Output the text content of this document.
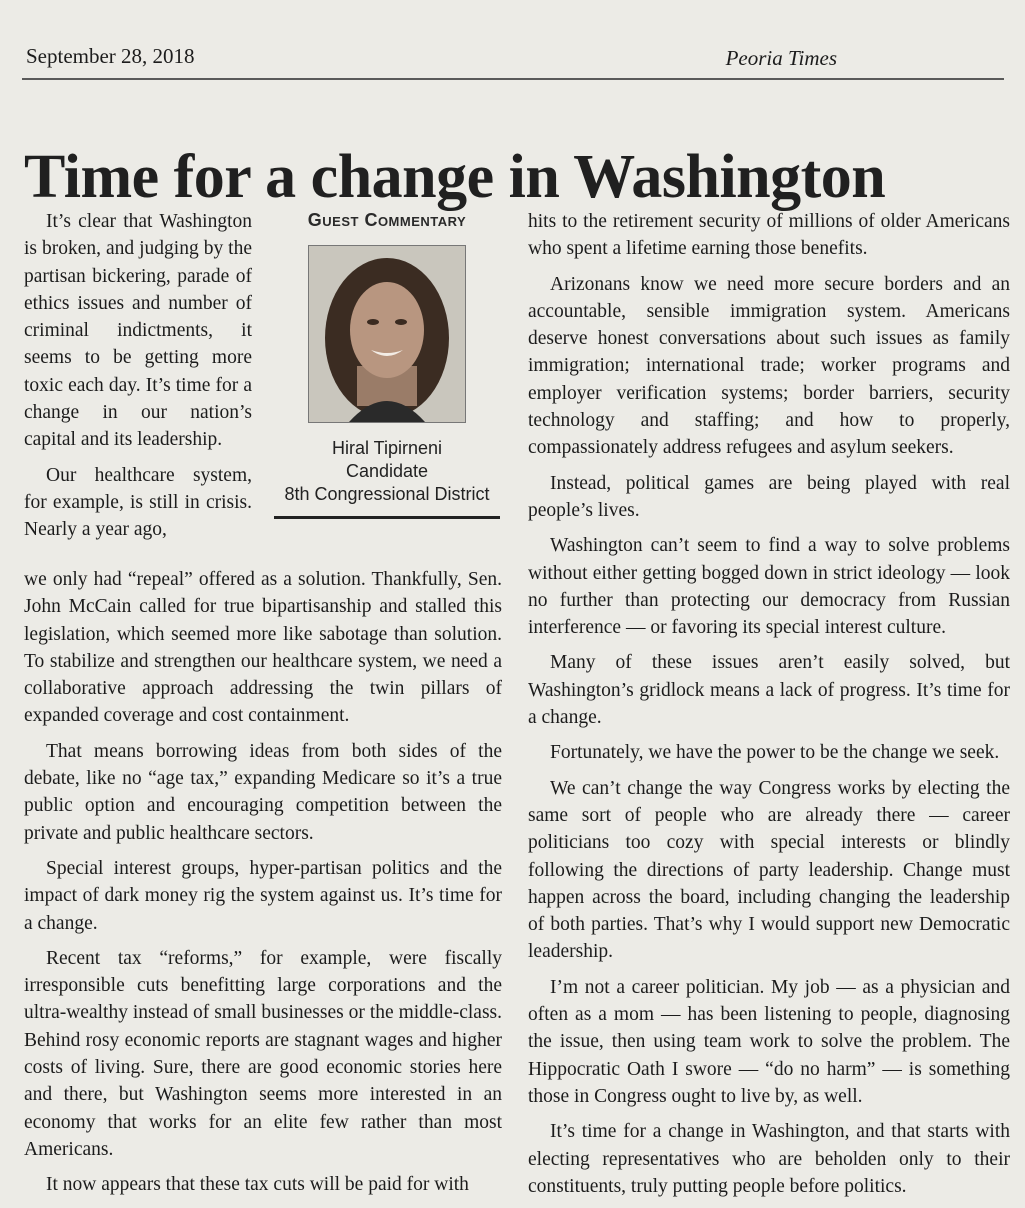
September 28, 2018	Peoria Times
Time for a change in Washington

It’s clear that Washington is broken, and judging by the partisan bickering, parade of ethics issues and number of criminal indictments, it seems to be getting more toxic each day. It’s time for a change in our nation’s capital and its leadership.

Our healthcare system, for example, is still in crisis. Nearly a year ago,

Guest Commentary
Hiral Tipirneni
Candidate
8th Congressional District

we only had “repeal” offered as a solution. Thankfully, Sen. John McCain called for true bipartisanship and stalled this legislation, which seemed more like sabotage than solution. To stabilize and strengthen our healthcare system, we need a collaborative approach addressing the twin pillars of expanded coverage and cost containment.

That means borrowing ideas from both sides of the debate, like no “age tax,” expanding Medicare so it’s a true public option and encouraging competition between the private and public healthcare sectors.

Special interest groups, hyper-partisan politics and the impact of dark money rig the system against us. It’s time for a change.

Recent tax “reforms,” for example, were fiscally irresponsible cuts benefitting large corporations and the ultra-wealthy instead of small businesses or the middle-class. Behind rosy economic reports are stagnant wages and higher costs of living. Sure, there are good economic stories here and there, but Washington seems more interested in an economy that works for an elite few rather than most Americans.

It now appears that these tax cuts will be paid for with

hits to the retirement security of millions of older Americans who spent a lifetime earning those benefits.

Arizonans know we need more secure borders and an accountable, sensible immigration system. Americans deserve honest conversations about such issues as family immigration; international trade; worker programs and employer verification systems; border barriers, security technology and staffing; and how to properly, compassionately address refugees and asylum seekers.

Instead, political games are being played with real people’s lives.

Washington can’t seem to find a way to solve problems without either getting bogged down in strict ideology — look no further than protecting our democracy from Russian interference — or favoring its special interest culture.

Many of these issues aren’t easily solved, but Washington’s gridlock means a lack of progress. It’s time for a change.

Fortunately, we have the power to be the change we seek.

We can’t change the way Congress works by electing the same sort of people who are already there — career politicians too cozy with special interests or blindly following the directions of party leadership. Change must happen across the board, including changing the leadership of both parties. That’s why I would support new Democratic leadership.

I’m not a career politician. My job — as a physician and often as a mom — has been listening to people, diagnosing the issue, then using team work to solve the problem. The Hippocratic Oath I swore — “do no harm” — is something those in Congress ought to live by, as well.

It’s time for a change in Washington, and that starts with electing representatives who are beholden only to their constituents, truly putting people before politics.
